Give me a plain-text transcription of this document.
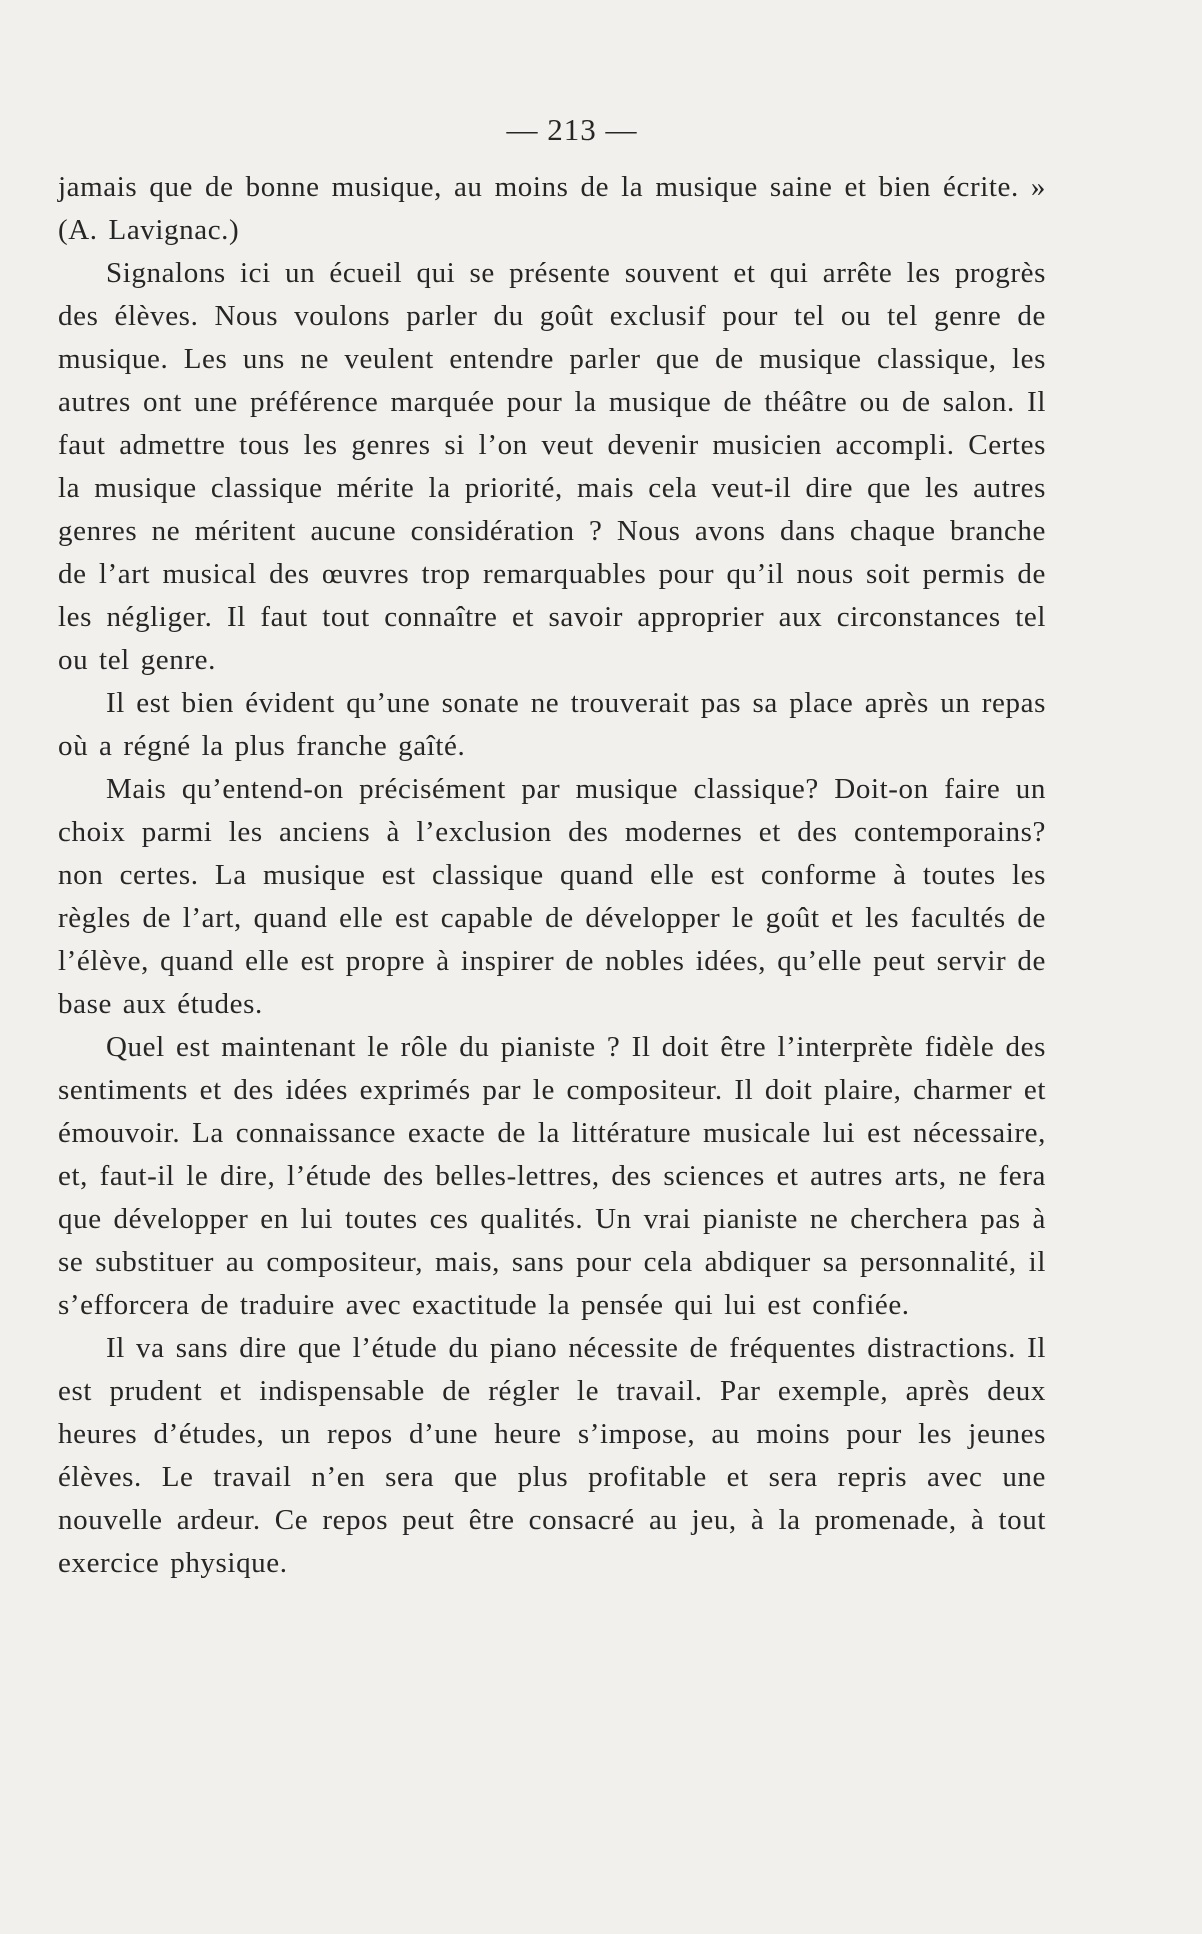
— 213 —

jamais que de bonne musique, au moins de la musique saine et bien écrite. » (A. Lavignac.)

Signalons ici un écueil qui se présente souvent et qui arrête les progrès des élèves. Nous voulons parler du goût exclusif pour tel ou tel genre de musique. Les uns ne veulent entendre parler que de musique classique, les autres ont une préférence marquée pour la musique de théâtre ou de salon. Il faut admettre tous les genres si l’on veut devenir musicien accompli. Certes la musique classique mérite la priorité, mais cela veut-il dire que les autres genres ne méritent aucune considération ? Nous avons dans chaque branche de l’art musical des œuvres trop remarquables pour qu’il nous soit permis de les négliger. Il faut tout connaître et savoir approprier aux circonstances tel ou tel genre.

Il est bien évident qu’une sonate ne trouverait pas sa place après un repas où a régné la plus franche gaîté.

Mais qu’entend-on précisément par musique classique? Doit-on faire un choix parmi les anciens à l’exclusion des modernes et des contemporains? non certes. La musique est classique quand elle est conforme à toutes les règles de l’art, quand elle est capable de développer le goût et les facultés de l’élève, quand elle est propre à inspirer de nobles idées, qu’elle peut servir de base aux études.

Quel est maintenant le rôle du pianiste ? Il doit être l’interprète fidèle des sentiments et des idées exprimés par le compositeur. Il doit plaire, charmer et émouvoir. La connaissance exacte de la littérature musicale lui est nécessaire, et, faut-il le dire, l’étude des belles-lettres, des sciences et autres arts, ne fera que développer en lui toutes ces qualités. Un vrai pianiste ne cherchera pas à se substituer au compositeur, mais, sans pour cela abdiquer sa personnalité, il s’efforcera de traduire avec exactitude la pensée qui lui est confiée.

Il va sans dire que l’étude du piano nécessite de fréquentes distractions. Il est prudent et indispensable de régler le travail. Par exemple, après deux heures d’études, un repos d’une heure s’impose, au moins pour les jeunes élèves. Le travail n’en sera que plus profitable et sera repris avec une nouvelle ardeur. Ce repos peut être consacré au jeu, à la promenade, à tout exercice physique.
